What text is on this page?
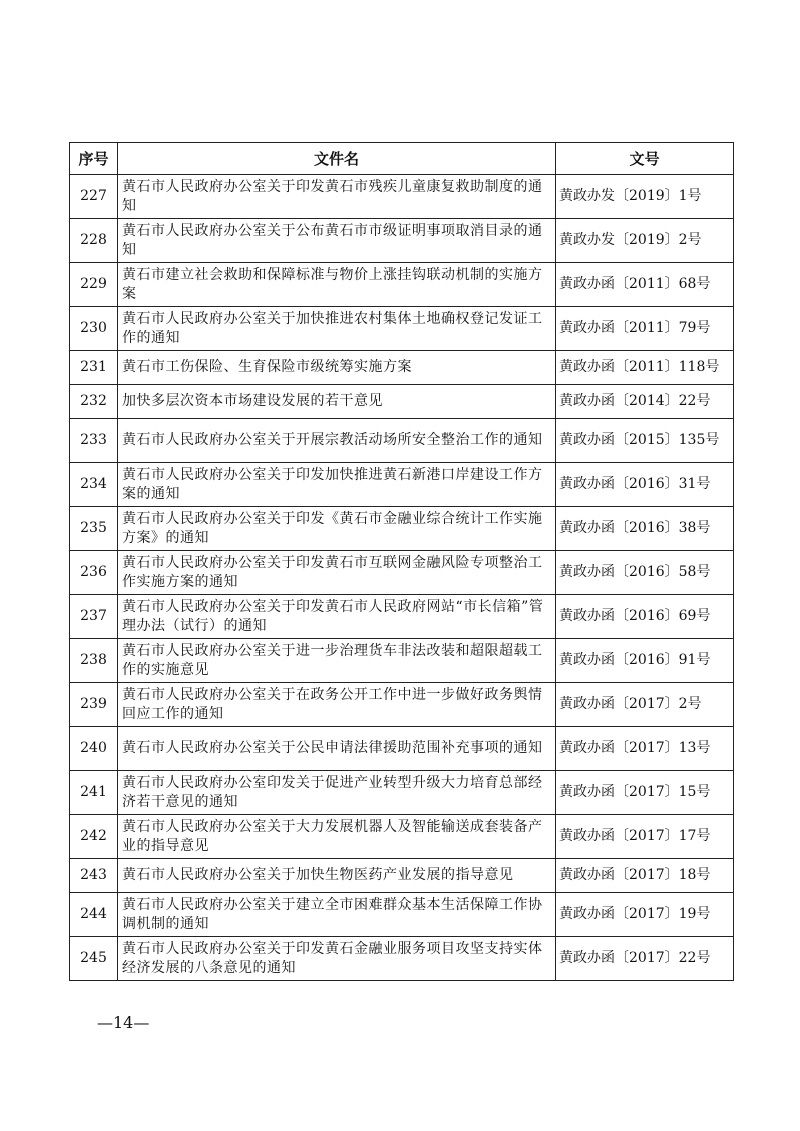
序号	文件名	文号
227	黄石市人民政府办公室关于印发黄石市残疾儿童康复救助制度的通知	黄政办发〔2019〕1号
228	黄石市人民政府办公室关于公布黄石市市级证明事项取消目录的通知	黄政办发〔2019〕2号
229	黄石市建立社会救助和保障标准与物价上涨挂钩联动机制的实施方案	黄政办函〔2011〕68号
230	黄石市人民政府办公室关于加快推进农村集体土地确权登记发证工作的通知	黄政办函〔2011〕79号
231	黄石市工伤保险、生育保险市级统筹实施方案	黄政办函〔2011〕118号
232	加快多层次资本市场建设发展的若干意见	黄政办函〔2014〕22号
233	黄石市人民政府办公室关于开展宗教活动场所安全整治工作的通知	黄政办函〔2015〕135号
234	黄石市人民政府办公室关于印发加快推进黄石新港口岸建设工作方案的通知	黄政办函〔2016〕31号
235	黄石市人民政府办公室关于印发《黄石市金融业综合统计工作实施方案》的通知	黄政办函〔2016〕38号
236	黄石市人民政府办公室关于印发黄石市互联网金融风险专项整治工作实施方案的通知	黄政办函〔2016〕58号
237	黄石市人民政府办公室关于印发黄石市人民政府网站“市长信箱”管理办法（试行）的通知	黄政办函〔2016〕69号
238	黄石市人民政府办公室关于进一步治理货车非法改装和超限超载工作的实施意见	黄政办函〔2016〕91号
239	黄石市人民政府办公室关于在政务公开工作中进一步做好政务舆情回应工作的通知	黄政办函〔2017〕2号
240	黄石市人民政府办公室关于公民申请法律援助范围补充事项的通知	黄政办函〔2017〕13号
241	黄石市人民政府办公室印发关于促进产业转型升级大力培育总部经济若干意见的通知	黄政办函〔2017〕15号
242	黄石市人民政府办公室关于大力发展机器人及智能输送成套装备产业的指导意见	黄政办函〔2017〕17号
243	黄石市人民政府办公室关于加快生物医药产业发展的指导意见	黄政办函〔2017〕18号
244	黄石市人民政府办公室关于建立全市困难群众基本生活保障工作协调机制的通知	黄政办函〔2017〕19号
245	黄石市人民政府办公室关于印发黄石金融业服务项目攻坚支持实体经济发展的八条意见的通知	黄政办函〔2017〕22号
—14—
